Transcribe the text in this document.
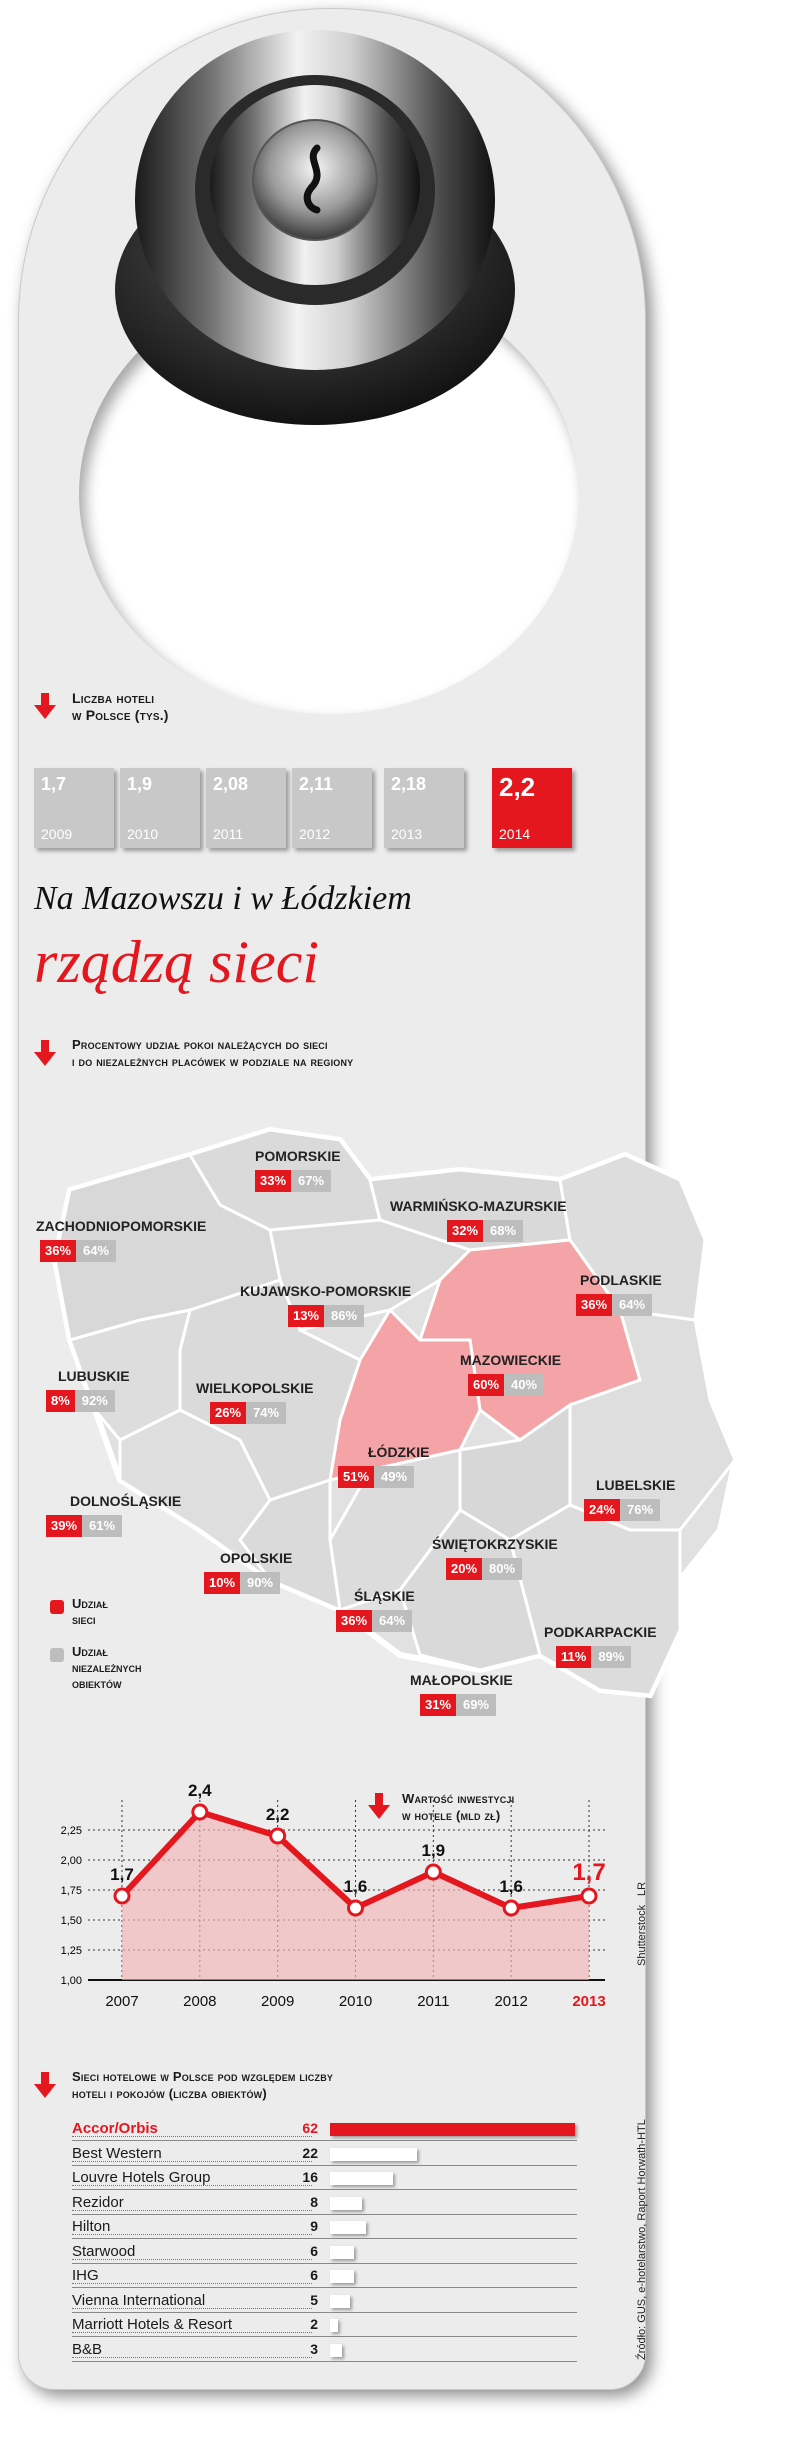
Liczba hoteli
w Polsce (tys.)
1,7
2009
1,9
2010
2,08
2011
2,11
2012
2,18
2013
2,2
2014
Na Mazowszu i w Łódzkiem
rządzą sieci
Procentowy udział pokoi należących do sieci
i do niezależnych placówek w podziale na regiony
POMORSKIE
33% 67%
ZACHODNIOPOMORSKIE
36% 64%
WARMIŃSKO-MAZURSKIE
32% 68%
KUJAWSKO-POMORSKIE
13% 86%
PODLASKIE
36% 64%
LUBUSKIE
8% 92%
WIELKOPOLSKIE
26% 74%
MAZOWIECKIE
60% 40%
ŁÓDZKIE
51% 49%
DOLNOŚLĄSKIE
39% 61%
LUBELSKIE
24% 76%
ŚWIĘTOKRZYSKIE
20% 80%
OPOLSKIE
10% 90%
ŚLĄSKIE
36% 64%
PODKARPACKIE
11% 89%
MAŁOPOLSKIE
31% 69%
Udział
sieci
Udział
niezależnych
obiektów
1,00
1,25
1,50
1,75
2,00
2,25
1,7
2007
2,4
2008
2,2
2009
1,6
2010
1,9
2011
1,6
2012
1,7
2013
Wartość inwestycji
w hotele (mld zł)
Sieci hotelowe w Polsce pod względem liczby
hoteli i pokojów (liczba obiektów)
Accor/Orbis	62
Best Western	22
Louvre Hotels Group	16
Rezidor	8
Hilton	9
Starwood	6
IHG	6
Vienna International	5
Marriott Hotels & Resort	2
B&B	3	Źródło: GUS, e-hotelarstwo, Raport Horwath-HTL
Shutterstock
LR
